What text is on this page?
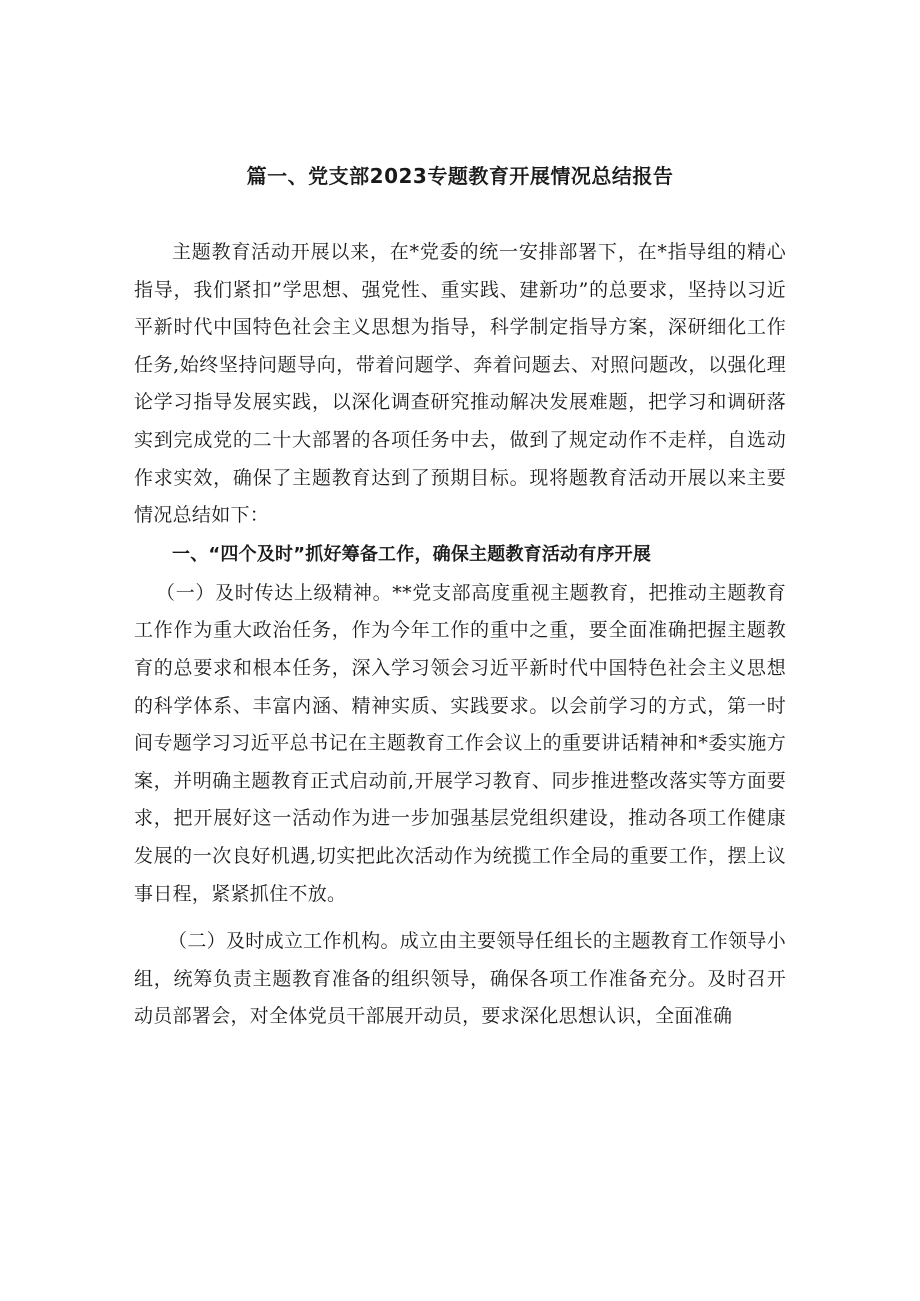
篇一、党支部2023专题教育开展情况总结报告

主题教育活动开展以来，在*党委的统一安排部署下，在*指导组的精心指导，我们紧扣”学思想、强党性、重实践、建新功”的总要求，坚持以习近平新时代中国特色社会主义思想为指导，科学制定指导方案，深研细化工作任务,始终坚持问题导向，带着问题学、奔着问题去、对照问题改，以强化理论学习指导发展实践，以深化调查研究推动解决发展难题，把学习和调研落实到完成党的二十大部署的各项任务中去，做到了规定动作不走样，自选动作求实效，确保了主题教育达到了预期目标。现将题教育活动开展以来主要情况总结如下：

一、“四个及时”抓好筹备工作，确保主题教育活动有序开展

（一）及时传达上级精神。**党支部高度重视主题教育，把推动主题教育工作作为重大政治任务，作为今年工作的重中之重，要全面准确把握主题教育的总要求和根本任务，深入学习领会习近平新时代中国特色社会主义思想的科学体系、丰富内涵、精神实质、实践要求。以会前学习的方式，第一时间专题学习习近平总书记在主题教育工作会议上的重要讲话精神和*委实施方案，并明确主题教育正式启动前,开展学习教育、同步推进整改落实等方面要求，把开展好这一活动作为进一步加强基层党组织建设，推动各项工作健康发展的一次良好机遇,切实把此次活动作为统揽工作全局的重要工作，摆上议事日程，紧紧抓住不放。

（二）及时成立工作机构。成立由主要领导任组长的主题教育工作领导小组，统筹负责主题教育准备的组织领导，确保各项工作准备充分。及时召开动员部署会，对全体党员干部展开动员，要求深化思想认识，全面准确
